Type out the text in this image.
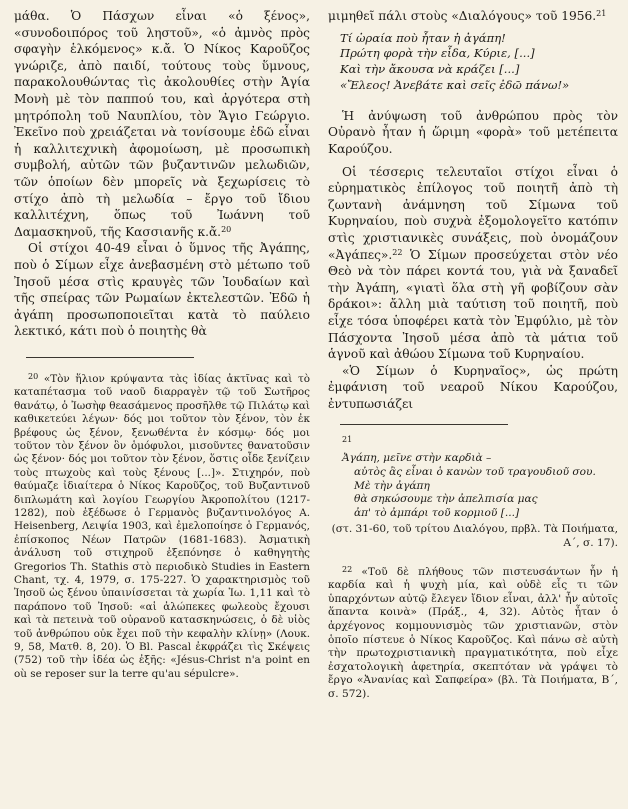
μάθα. Ὁ Πάσχων εἶναι «ὁ ξένος», «συνοδοιπόρος τοῦ ληστοῦ», «ὁ ἀμνὸς πρὸς σφαγὴν ἑλκόμενος» κ.ἄ. Ὁ Νίκος Καροῦζος γνώριζε, ἀπὸ παιδί, τούτους τοὺς ὕμνους, παρακολουθώντας τὶς ἀκολουθίες στὴν Ἁγία Μονὴ μὲ τὸν παππού του, καὶ ἀργότερα στὴ μητρόπολη τοῦ Ναυπλίου, τὸν Ἅγιο Γεώργιο. Ἐκεῖνο ποὺ χρειάζεται νὰ τονίσουμε ἐδῶ εἶναι ἡ καλλιτεχνικὴ ἀφομοίωση, μὲ προσωπικὴ συμβολή, αὐτῶν τῶν βυζαντινῶν μελωδιῶν, τῶν ὁποίων δὲν μπορεῖς νὰ ξεχωρίσεις τὸ στίχο ἀπὸ τὴ μελωδία – ἔργο τοῦ ἴδιου καλλιτέχνη, ὅπως τοῦ Ἰωάννη τοῦ Δαμασκηνοῦ, τῆς Κασσιανῆς κ.ἄ.$^{20}$

Οἱ στίχοι 40-49 εἶναι ὁ ὕμνος τῆς Ἀγάπης, ποὺ ὁ Σίμων εἶχε ἀνεβασμένη στὸ μέτωπο τοῦ Ἰησοῦ μέσα στὶς κραυγὲς τῶν Ἰουδαίων καὶ τῆς σπείρας τῶν Ρωμαίων ἐκτελεστῶν. Ἐδῶ ἡ ἀγάπη προσωποποιεῖται κατὰ τὸ παύλειο λεκτικό, κάτι ποὺ ὁ ποιητὴς θὰ

$^{20}$ «Τὸν ἥλιον κρύψαντα τὰς ἰδίας ἀκτῖνας καὶ τὸ καταπέτασμα τοῦ ναοῦ διαρραγὲν τῷ τοῦ Σωτῆρος θανάτῳ, ὁ Ἰωσὴφ θεασάμενος προσῆλθε τῷ Πιλάτῳ καὶ καθικετεύει λέγων· δός μοι τοῦτον τὸν ξένον, τὸν ἐκ βρέφους ὡς ξένον, ξενωθέντα ἐν κόσμῳ· δός μοι τοῦτον τὸν ξένον ὃν ὁμόφυλοι, μισοῦντες θανατοῦσιν ὡς ξένον· δός μοι τοῦτον τὸν ξένον, ὅστις οἶδε ξενίζειν τοὺς πτωχοὺς καὶ τοὺς ξένους [...]». Στιχηρόν, ποὺ θαύμαζε ἰδιαίτερα ὁ Νίκος Καροῦζος, τοῦ Βυζαντινοῦ διπλωμάτη καὶ λογίου Γεωργίου Ἀκροπολίτου (1217-1282), ποὺ ἐξέδωσε ὁ Γερμανὸς βυζαντινολόγος A. Heisenberg, Λειψία 1903, καὶ ἐμελοποίησε ὁ Γερμανός, ἐπίσκοπος Νέων Πατρῶν (1681-1683). Ἀσματικὴ ἀνάλυση τοῦ στιχηροῦ ἐξεπόνησε ὁ καθηγητὴς Gregorios Th. Stathis στὸ περιοδικὸ Studies in Eastern Chant, τχ. 4, 1979, σ. 175-227. Ὁ χαρακτηρισμὸς τοῦ Ἰησοῦ ὡς ξένου ὑπαινίσσεται τὰ χωρία Ἰω. 1,11 καὶ τὸ παράπονο τοῦ Ἰησοῦ: «αἱ ἀλώπεκες φωλεοὺς ἔχουσι καὶ τὰ πετεινὰ τοῦ οὐρανοῦ κατασκηνώσεις, ὁ δὲ υἱὸς τοῦ ἀνθρώπου οὐκ ἔχει ποῦ τὴν κεφαλὴν κλίνῃ» (Λουκ. 9, 58, Ματθ. 8, 20). Ὁ Bl. Pascal ἐκφράζει τὶς Σκέψεις (752) τοῦ τὴν ἰδέα ὡς ἐξῆς: «Jésus-Christ n'a point en où se reposer sur la terre qu'au sépulcre».

μιμηθεῖ πάλι στοὺς «Διαλόγους» τοῦ 1956.21

Τί ὡραία ποὺ ἦταν ἡ ἀγάπη!
Πρώτη φορὰ τὴν εἶδα, Κύριε, [...]
Καὶ τὴν ἄκουσα νὰ κράζει [...]
«Ἔλεος! Ἀνεβάτε καὶ σεῖς ἐδῶ πάνω!»

Ἡ ἀνύψωση τοῦ ἀνθρώπου πρὸς τὸν Οὐρανὸ ἦταν ἡ ὥριμη «φορὰ» τοῦ μετέπειτα Καρούζου.

Οἱ τέσσερις τελευταῖοι στίχοι εἶναι ὁ εὐρηματικὸς ἐπίλογος τοῦ ποιητῆ ἀπὸ τὴ ζωντανὴ ἀνάμνηση τοῦ Σίμωνα τοῦ Κυρηναίου, ποὺ συχνὰ ἐξομολογεῖτο κατόπιν στὶς χριστιανικὲς συνάξεις, ποὺ ὀνομάζουν «Ἀγάπες».$^{22}$ Ὁ Σίμων προσεύχεται στὸν νέο Θεὸ νὰ τὸν πάρει κοντά του, γιὰ νὰ ξαναδεῖ τὴν Ἀγάπη, «γιατὶ ὅλα στὴ γῆ φοβίζουν σὰν δράκοι»: ἄλλη μιὰ ταύτιση τοῦ ποιητῆ, ποὺ εἶχε τόσα ὑποφέρει κατὰ τὸν Ἐμφύλιο, μὲ τὸν Πάσχοντα Ἰησοῦ μέσα ἀπὸ τὰ μάτια τοῦ ἁγνοῦ καὶ ἀθώου Σίμωνα τοῦ Κυρηναίου.

«Ὁ Σίμων ὁ Κυρηναῖος», ὡς πρώτη ἐμφάνιση τοῦ νεαροῦ Νίκου Καρούζου, ἐντυπωσιάζει

$^{21}$

Ἀγάπη, μεῖνε στὴν καρδιὰ –

αὐτὸς ἂς εἶναι ὁ κανὼν τοῦ τραγουδιοῦ σου.

Μὲ τὴν ἀγάπη

θὰ σηκώσουμε τὴν ἀπελπισία μας

ἀπ' τὸ ἀμπάρι τοῦ κορμιοῦ [...]

(στ. 31-60, τοῦ τρίτου Διαλόγου, πρβλ. Τὰ Ποιήματα, Α΄, σ. 17).

$^{22}$ «Τοῦ δὲ πλήθους τῶν πιστευσάντων ἦν ἡ καρδία καὶ ἡ ψυχὴ μία, καὶ οὐδὲ εἷς τι τῶν ὑπαρχόντων αὐτῷ ἔλεγεν ἴδιον εἶναι, ἀλλ' ἦν αὐτοῖς ἅπαντα κοινὰ» (Πράξ., 4, 32). Αὐτὸς ἦταν ὁ ἀρχέγονος κομμουνισμὸς τῶν χριστιανῶν, στὸν ὁποῖο πίστευε ὁ Νίκος Καροῦζος. Καὶ πάνω σὲ αὐτὴ τὴν πρωτοχριστιανικὴ πραγματικότητα, ποὺ εἶχε ἐσχατολογικὴ ἀφετηρία, σκεπτόταν νὰ γράψει τὸ ἔργο «Ἀνανίας καὶ Σαπφείρα» (βλ. Τὰ Ποιήματα, Β΄, σ. 572).
